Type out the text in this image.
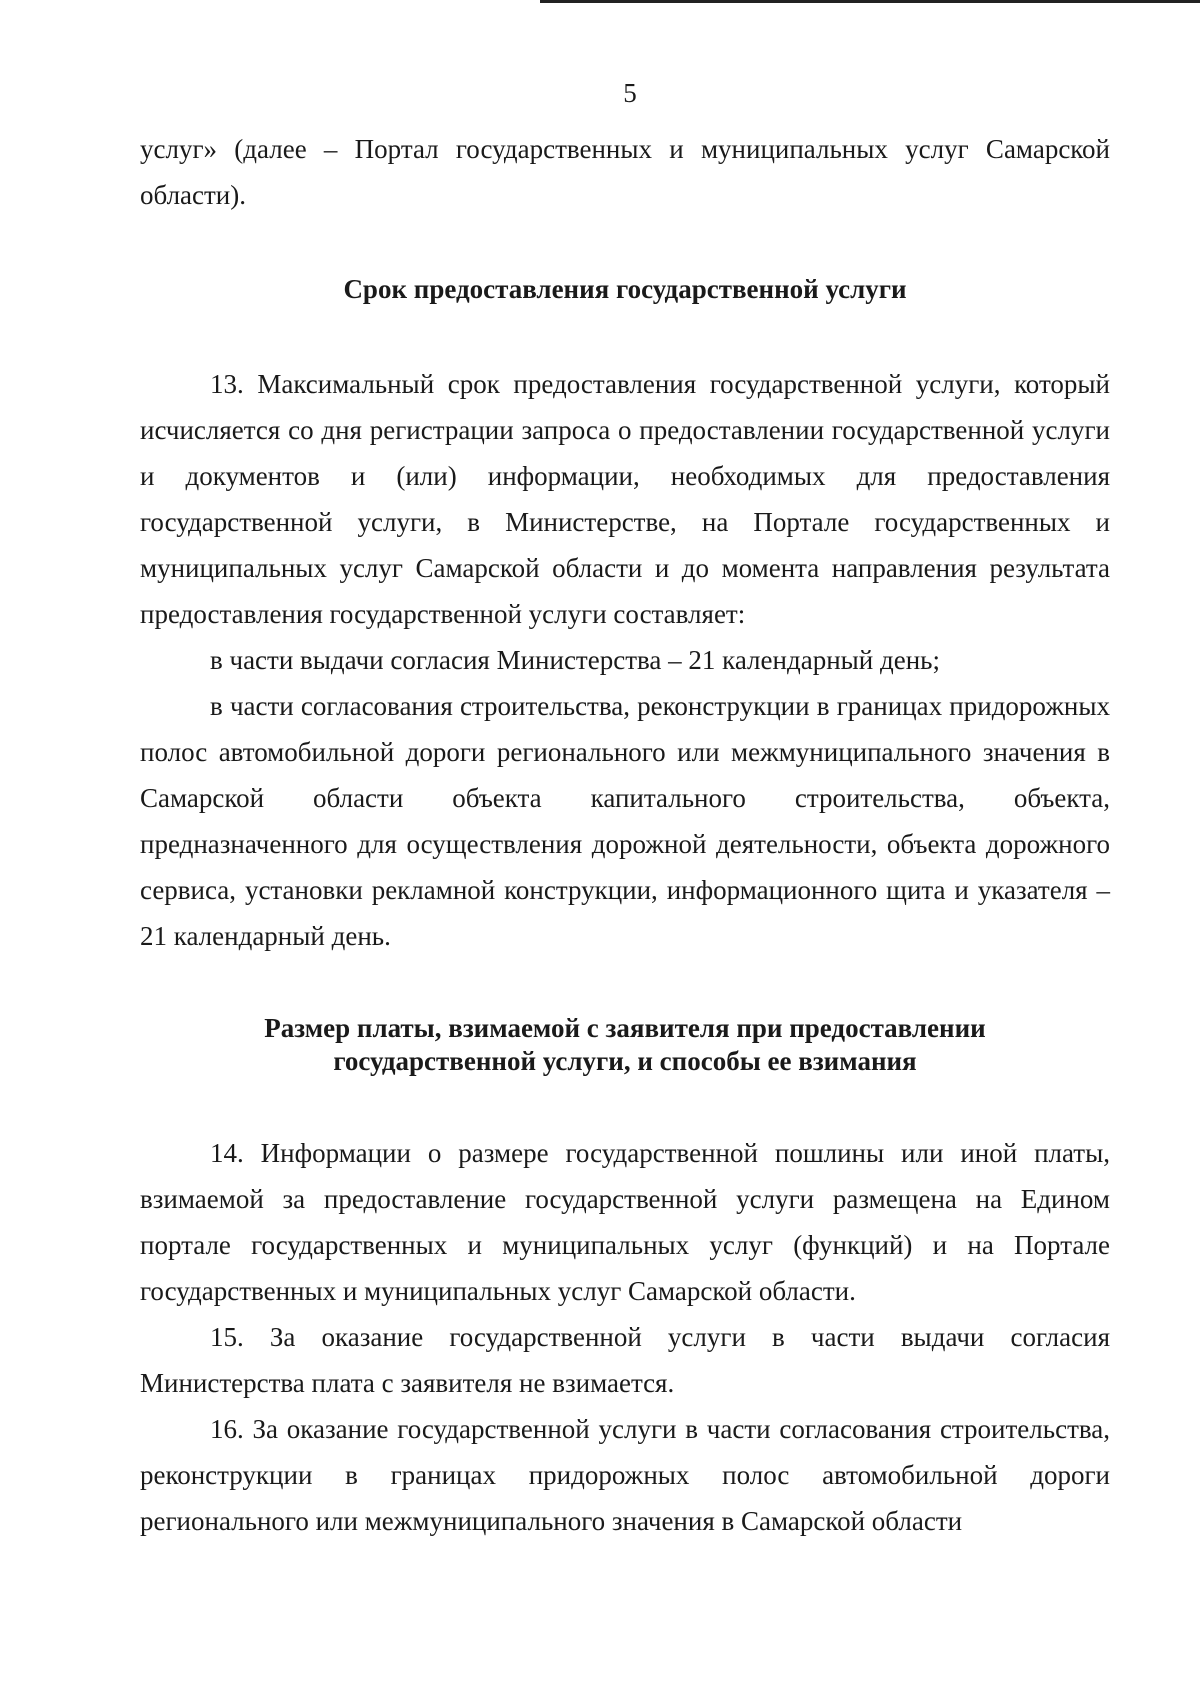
5

услуг» (далее – Портал государственных и муниципальных услуг Самарской области).

Срок предоставления государственной услуги

13. Максимальный срок предоставления государственной услуги, который исчисляется со дня регистрации запроса о предоставлении государственной услуги и документов и (или) информации, необходимых для предоставления государственной услуги, в Министерстве, на Портале государственных и муниципальных услуг Самарской области и до момента направления результата предоставления государственной услуги составляет:

в части выдачи согласия Министерства – 21 календарный день;

в части согласования строительства, реконструкции в границах придорожных полос автомобильной дороги регионального или межмуниципального значения в Самарской области объекта капитального строительства, объекта, предназначенного для осуществления дорожной деятельности, объекта дорожного сервиса, установки рекламной конструкции, информационного щита и указателя – 21 календарный день.

Размер платы, взимаемой с заявителя при предоставлении

государственной услуги, и способы ее взимания

14. Информации о размере государственной пошлины или иной платы, взимаемой за предоставление государственной услуги размещена на Едином портале государственных и муниципальных услуг (функций) и на Портале государственных и муниципальных услуг Самарской области.

15. За оказание государственной услуги в части выдачи согласия Министерства плата с заявителя не взимается.

16. За оказание государственной услуги в части согласования строительства, реконструкции в границах придорожных полос автомобильной дороги регионального или межмуниципального значения в Самарской области
